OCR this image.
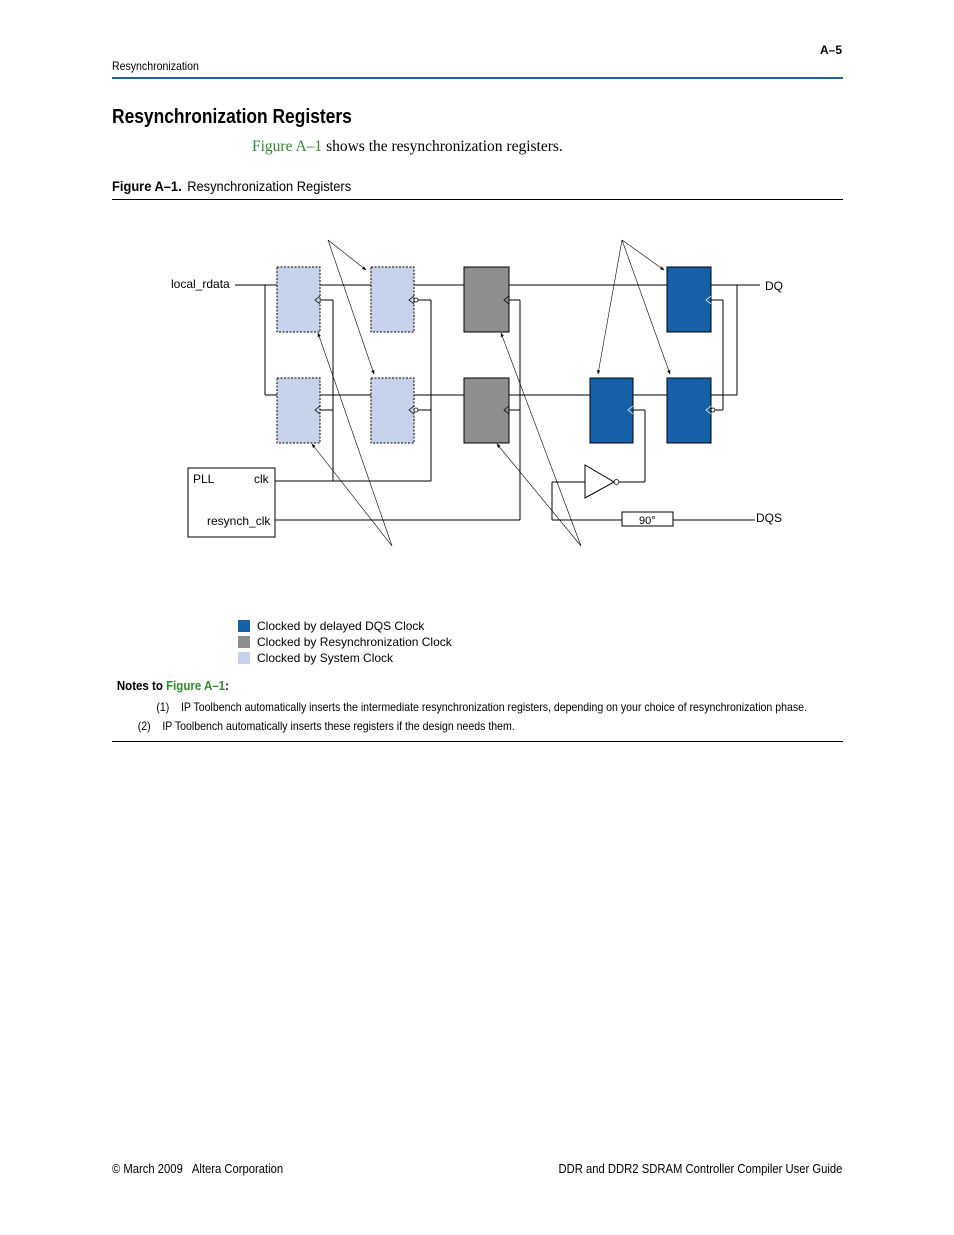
Resynchronization
A–5
Resynchronization Registers
Figure A–1 shows the resynchronization registers.
Figure A–1. Resynchronization Registers
local_rdata	DQ
DQS
PLL	clk
resynch_clk	90°
Clocked by delayed DQS Clock
Clocked by Resynchronization Clock
Clocked by System Clock
Notes to Figure A–1:
(1) IP Toolbench automatically inserts the intermediate resynchronization registers, depending on your choice of resynchronization phase.
(2) IP Toolbench automatically inserts these registers if the design needs them.
© March 2009 Altera Corporation	DDR and DDR2 SDRAM Controller Compiler User Guide
